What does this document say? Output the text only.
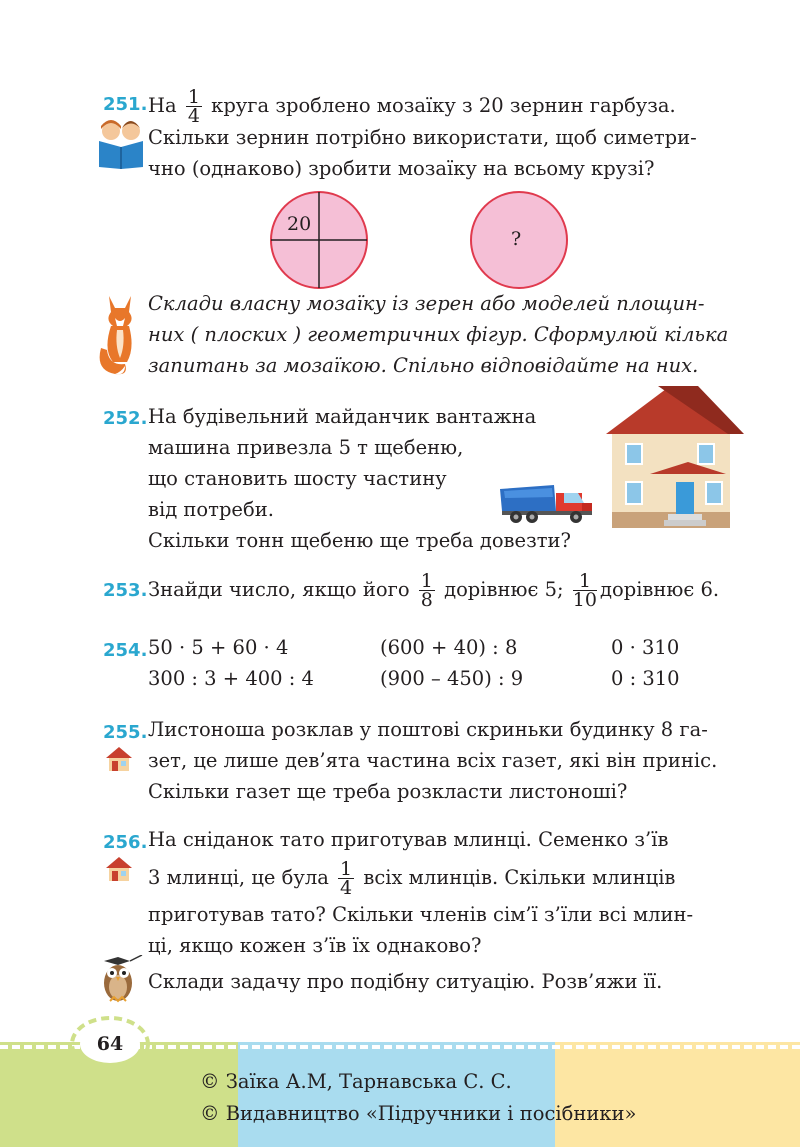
251. На $\frac{1}{4}$ круга зроблено мозаїку з 20 зернин гарбуза.
Скільки зернин потрібно використати, щоб симетри-
чно (однаково) зробити мозаїку на всьому крузі?
20
?
Склади власну мозаїку із зерен або моделей площин-
них ( плоских ) геометричних фігур. Сформулюй кілька
запитань за мозаїкою. Спільно відповідайте на них.
252. На будівельний майданчик вантажна
машина привезла 5 т щебеню,
що становить шосту частину
від потреби.
Скільки тонн щебеню ще треба довезти?
253. Знайди число, якщо його $\frac{1}{8}$ дорівнює 5; $\frac{1}{10}$ дорівнює 6.
254. 50 · 5 + 60 · 4	(600 + 40) : 8	0 · 310
300 : 3 + 400 : 4	(900 – 450) : 9	0 : 310
255. Листоноша розклав у поштові скриньки будинку 8 га-
зет, це лише дев’ята частина всіх газет, які він приніс.
Скільки газет ще треба розкласти листоноші?
256. На сніданок тато приготував млинці. Семенко з’їв
3 млинці, це була $\frac{1}{4}$ всіх млинців. Скільки млинців
приготував тато? Скільки членів сім’ї з’їли всі млин-
ці, якщо кожен з’їв їх однаково?
Склади задачу про подібну ситуацію. Розв’яжи її.
64
© Заїка А.М, Тарнавська С. С.
© Видавництво «Підручники і посібники»
